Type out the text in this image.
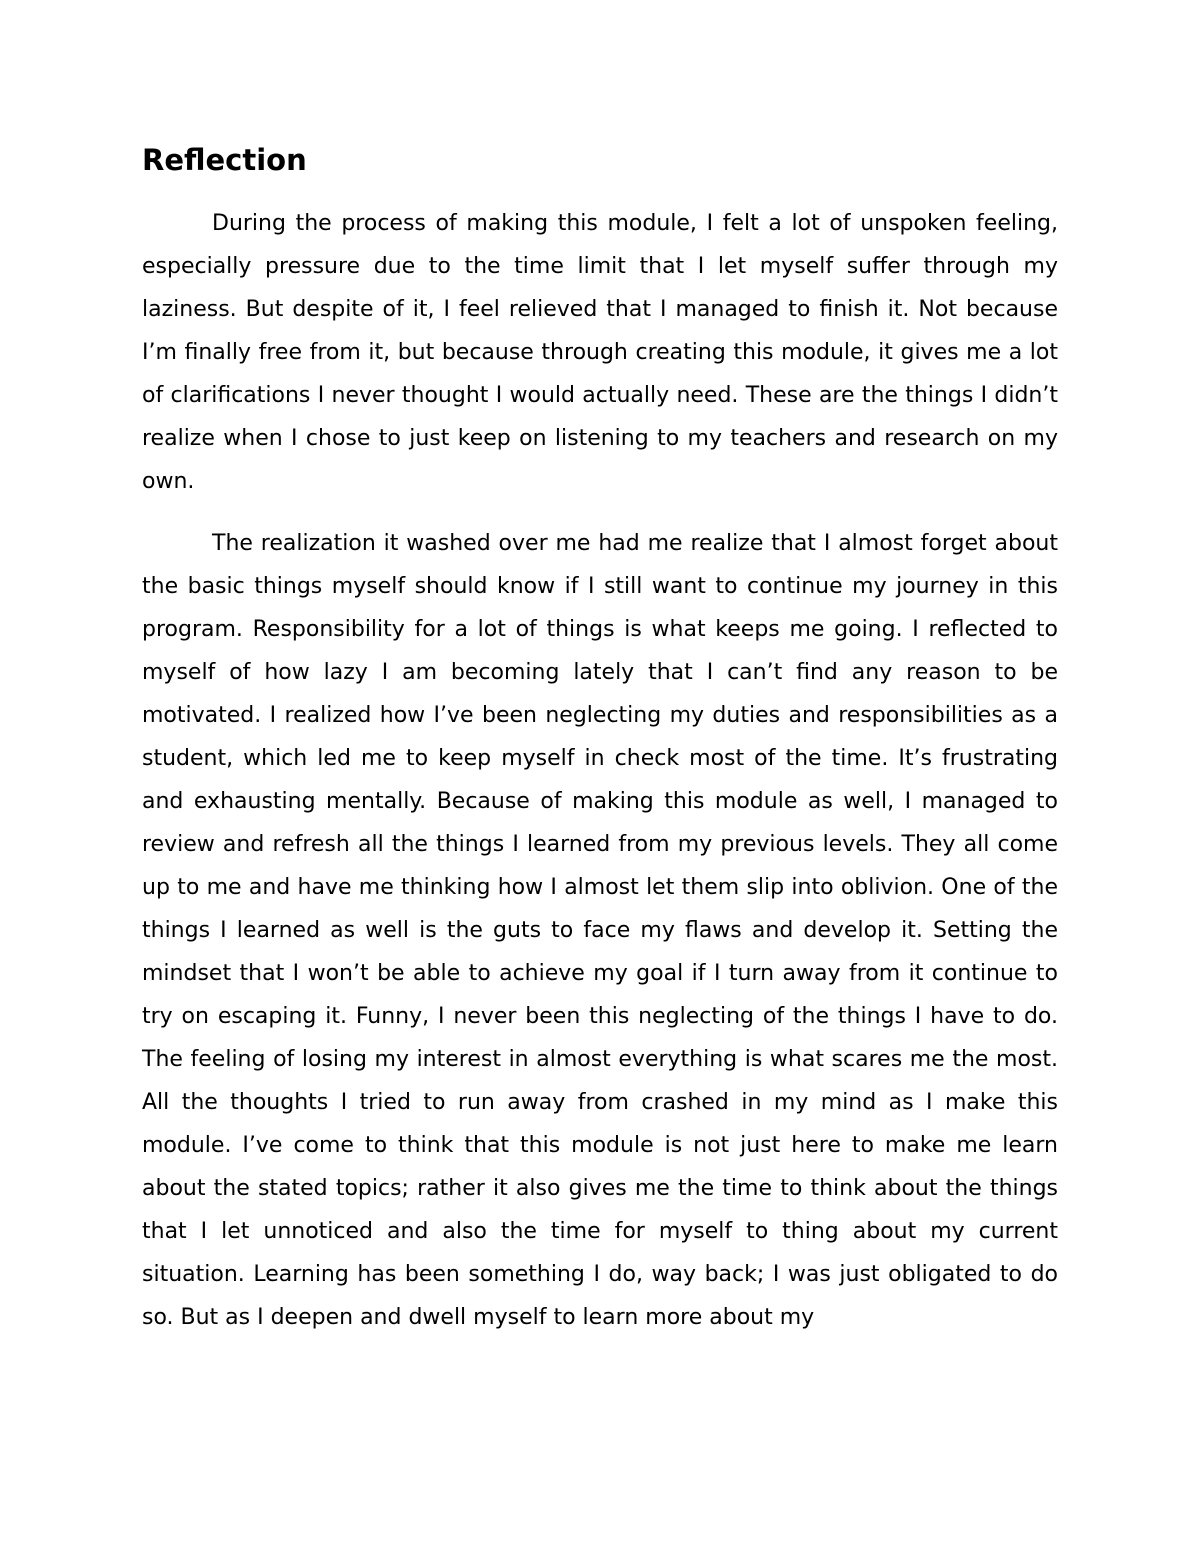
Reflection

During the process of making this module, I felt a lot of unspoken feeling, especially pressure due to the time limit that I let myself suffer through my laziness. But despite of it, I feel relieved that I managed to finish it. Not because I’m finally free from it, but because through creating this module, it gives me a lot of clarifications I never thought I would actually need. These are the things I didn’t realize when I chose to just keep on listening to my teachers and research on my own.

The realization it washed over me had me realize that I almost forget about the basic things myself should know if I still want to continue my journey in this program. Responsibility for a lot of things is what keeps me going. I reflected to myself of how lazy I am becoming lately that I can’t find any reason to be motivated. I realized how I’ve been neglecting my duties and responsibilities as a student, which led me to keep myself in check most of the time. It’s frustrating and exhausting mentally. Because of making this module as well, I managed to review and refresh all the things I learned from my previous levels. They all come up to me and have me thinking how I almost let them slip into oblivion. One of the things I learned as well is the guts to face my flaws and develop it. Setting the mindset that I won’t be able to achieve my goal if I turn away from it continue to try on escaping it. Funny, I never been this neglecting of the things I have to do. The feeling of losing my interest in almost everything is what scares me the most. All the thoughts I tried to run away from crashed in my mind as I make this module. I’ve come to think that this module is not just here to make me learn about the stated topics; rather it also gives me the time to think about the things that I let unnoticed and also the time for myself to thing about my current situation. Learning has been something I do, way back; I was just obligated to do so. But as I deepen and dwell myself to learn more about my
